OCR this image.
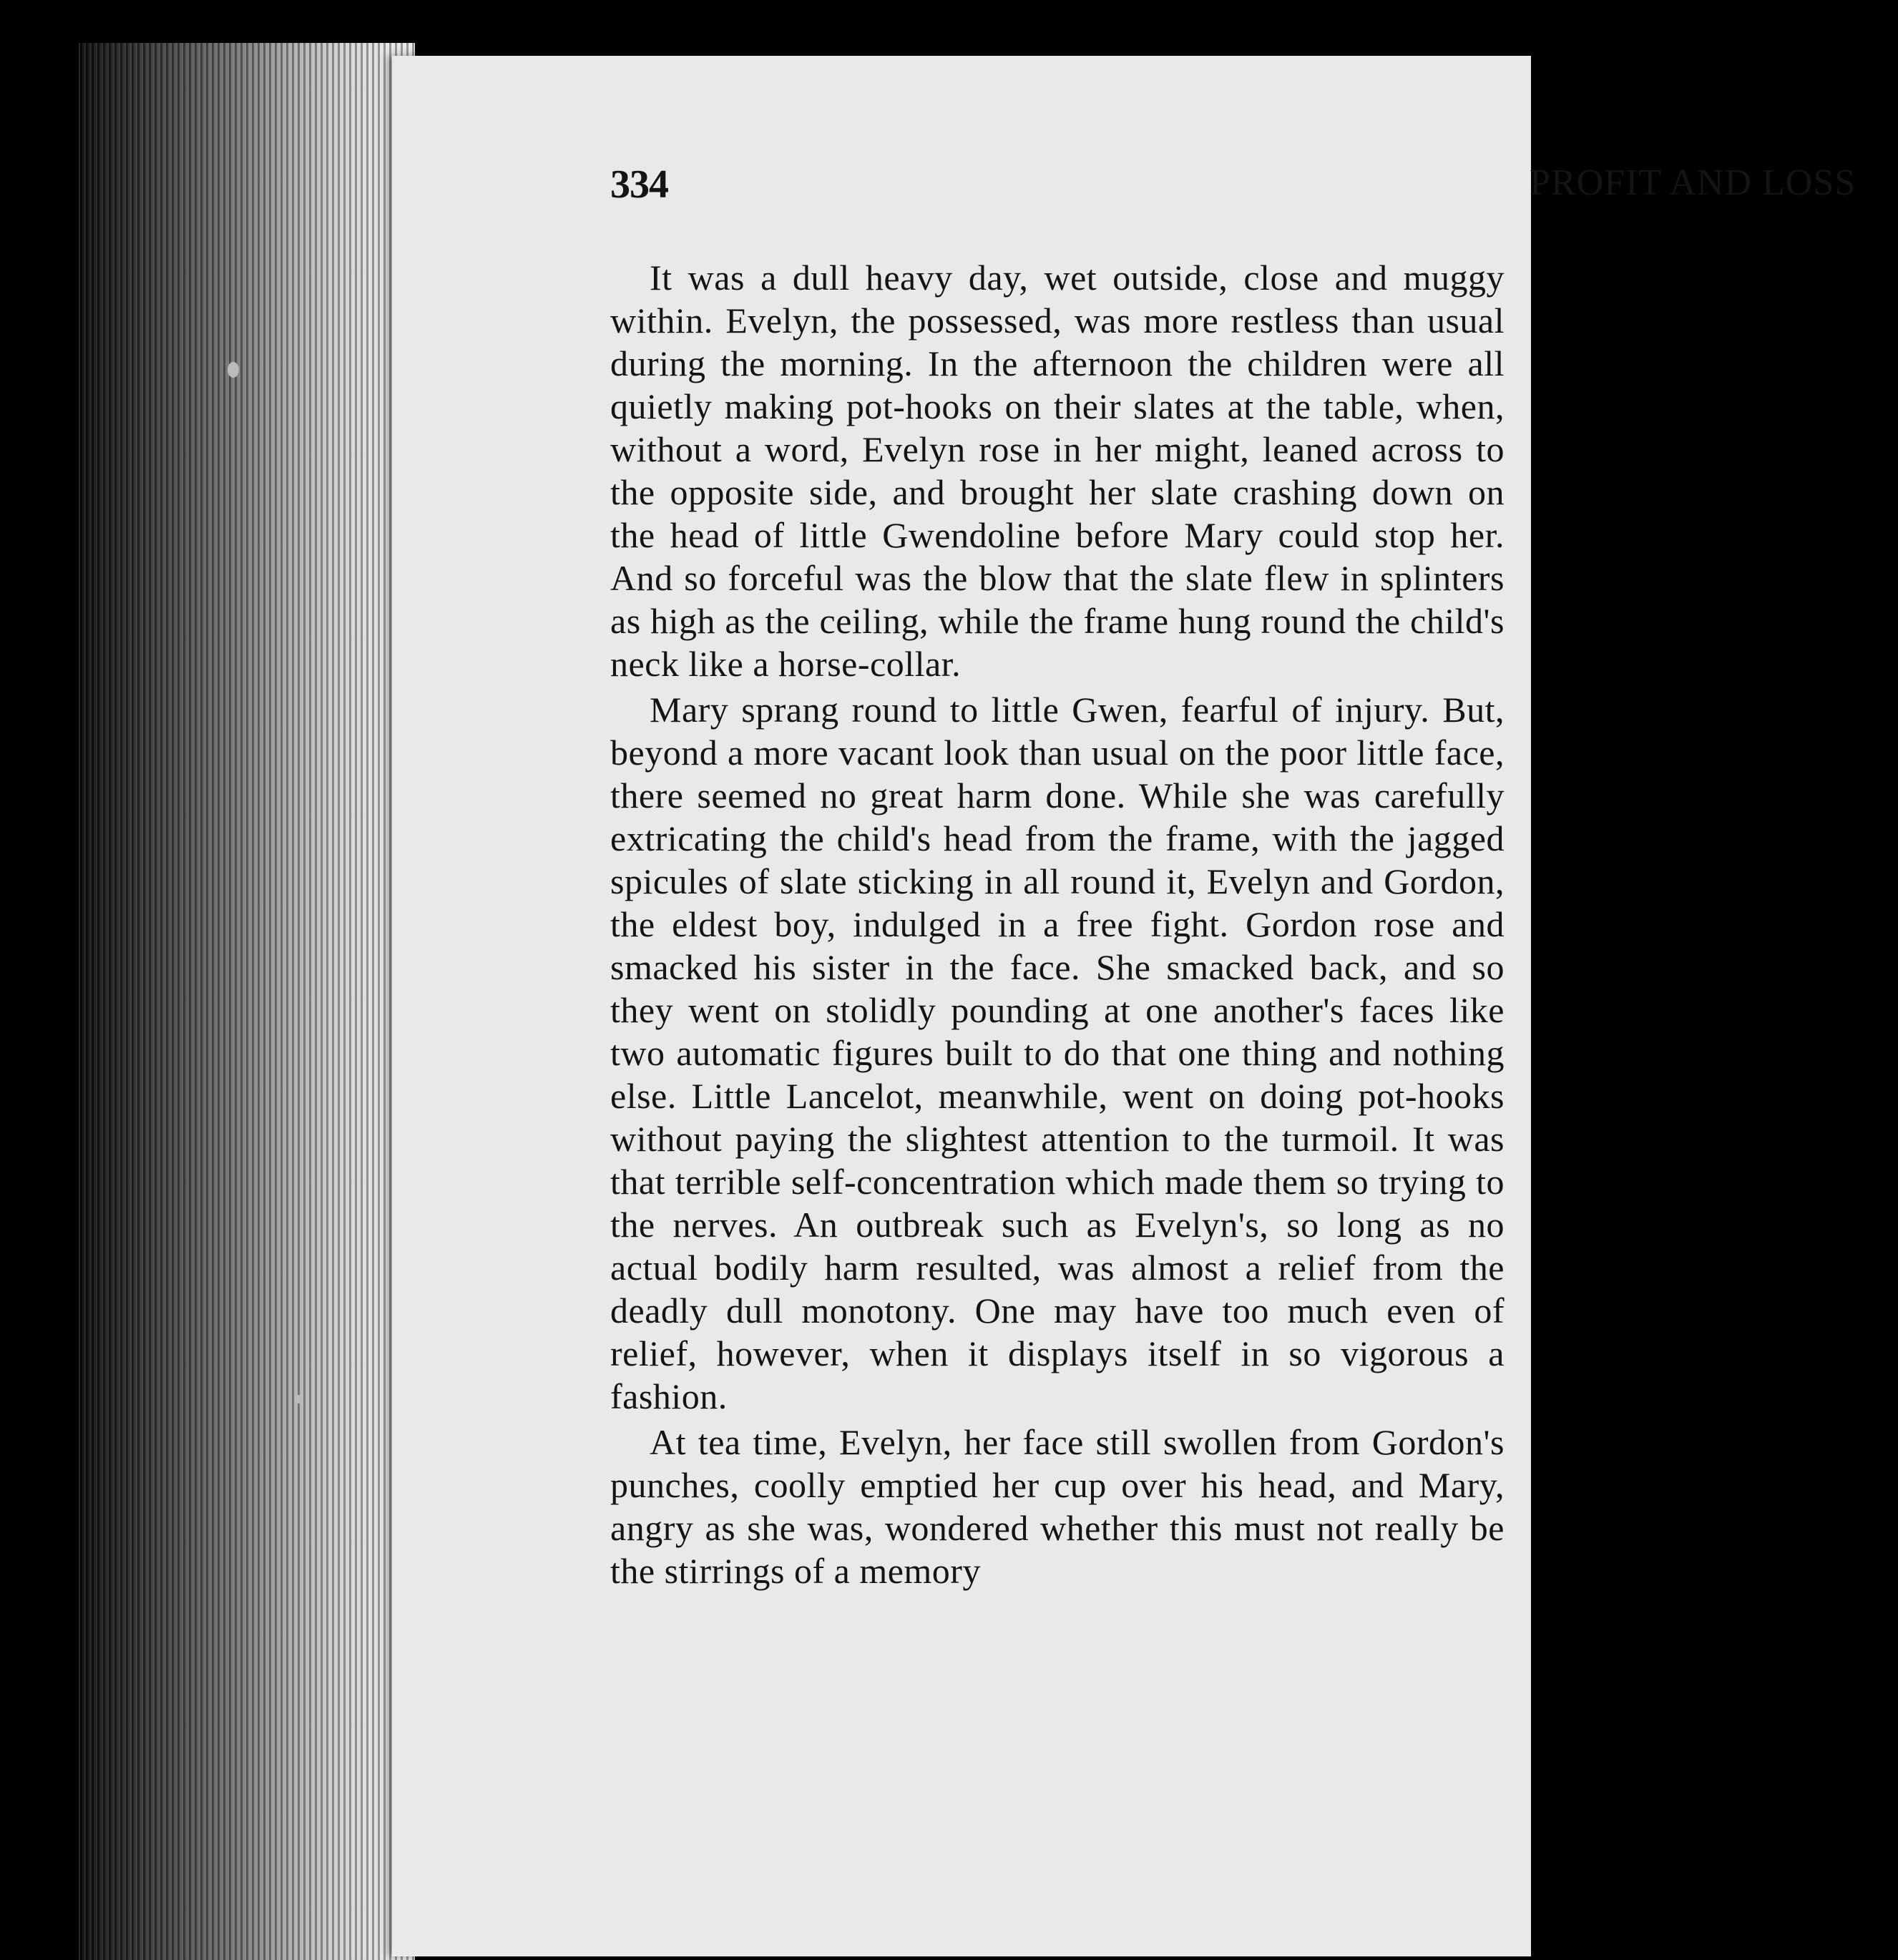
334	PROFIT AND LOSS

It was a dull heavy day, wet outside, close and muggy within. Evelyn, the possessed, was more restless than usual during the morning. In the afternoon the children were all quietly making pot-hooks on their slates at the table, when, without a word, Evelyn rose in her might, leaned across to the opposite side, and brought her slate crashing down on the head of little Gwendoline before Mary could stop her. And so forceful was the blow that the slate flew in splinters as high as the ceiling, while the frame hung round the child's neck like a horse-collar.

Mary sprang round to little Gwen, fearful of injury. But, beyond a more vacant look than usual on the poor little face, there seemed no great harm done. While she was carefully extricating the child's head from the frame, with the jagged spicules of slate sticking in all round it, Evelyn and Gordon, the eldest boy, indulged in a free fight. Gordon rose and smacked his sister in the face. She smacked back, and so they went on stolidly pounding at one another's faces like two automatic figures built to do that one thing and nothing else. Little Lancelot, meanwhile, went on doing pot-hooks without paying the slightest attention to the turmoil. It was that terrible self-concentration which made them so trying to the nerves. An outbreak such as Evelyn's, so long as no actual bodily harm resulted, was almost a relief from the deadly dull monotony. One may have too much even of relief, however, when it displays itself in so vigorous a fashion.

At tea time, Evelyn, her face still swollen from Gordon's punches, coolly emptied her cup over his head, and Mary, angry as she was, wondered whether this must not really be the stirrings of a memory
